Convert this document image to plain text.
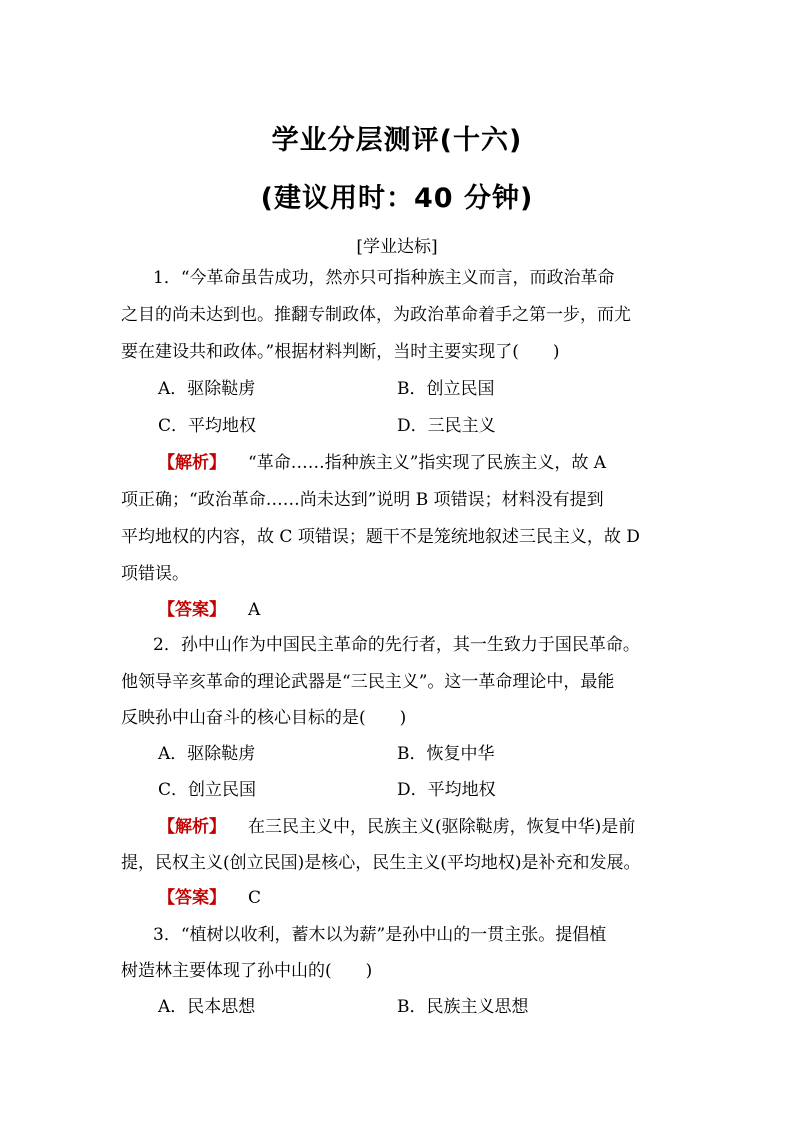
学业分层测评(十六)
(建议用时：40 分钟)
[学业达标]
1．“今革命虽告成功，然亦只可指种族主义而言，而政治革命
之目的尚未达到也。推翻专制政体，为政治革命着手之第一步，而尤
要在建设共和政体。”根据材料判断，当时主要实现了(　　)
A．驱除鞑虏	B．创立民国
C．平均地权	D．三民主义
【解析】 “革命……指种族主义”指实现了民族主义，故 A
项正确；“政治革命……尚未达到”说明 B 项错误；材料没有提到
平均地权的内容，故 C 项错误；题干不是笼统地叙述三民主义，故 D
项错误。
【答案】 A
2．孙中山作为中国民主革命的先行者，其一生致力于国民革命。
他领导辛亥革命的理论武器是“三民主义”。这一革命理论中，最能
反映孙中山奋斗的核心目标的是(　　)
A．驱除鞑虏	B．恢复中华
C．创立民国	D．平均地权
【解析】 在三民主义中，民族主义(驱除鞑虏，恢复中华)是前
提，民权主义(创立民国)是核心，民生主义(平均地权)是补充和发展。
【答案】 C
3．“植树以收利，蓄木以为薪”是孙中山的一贯主张。提倡植
树造林主要体现了孙中山的(　　)
A．民本思想	B．民族主义思想
